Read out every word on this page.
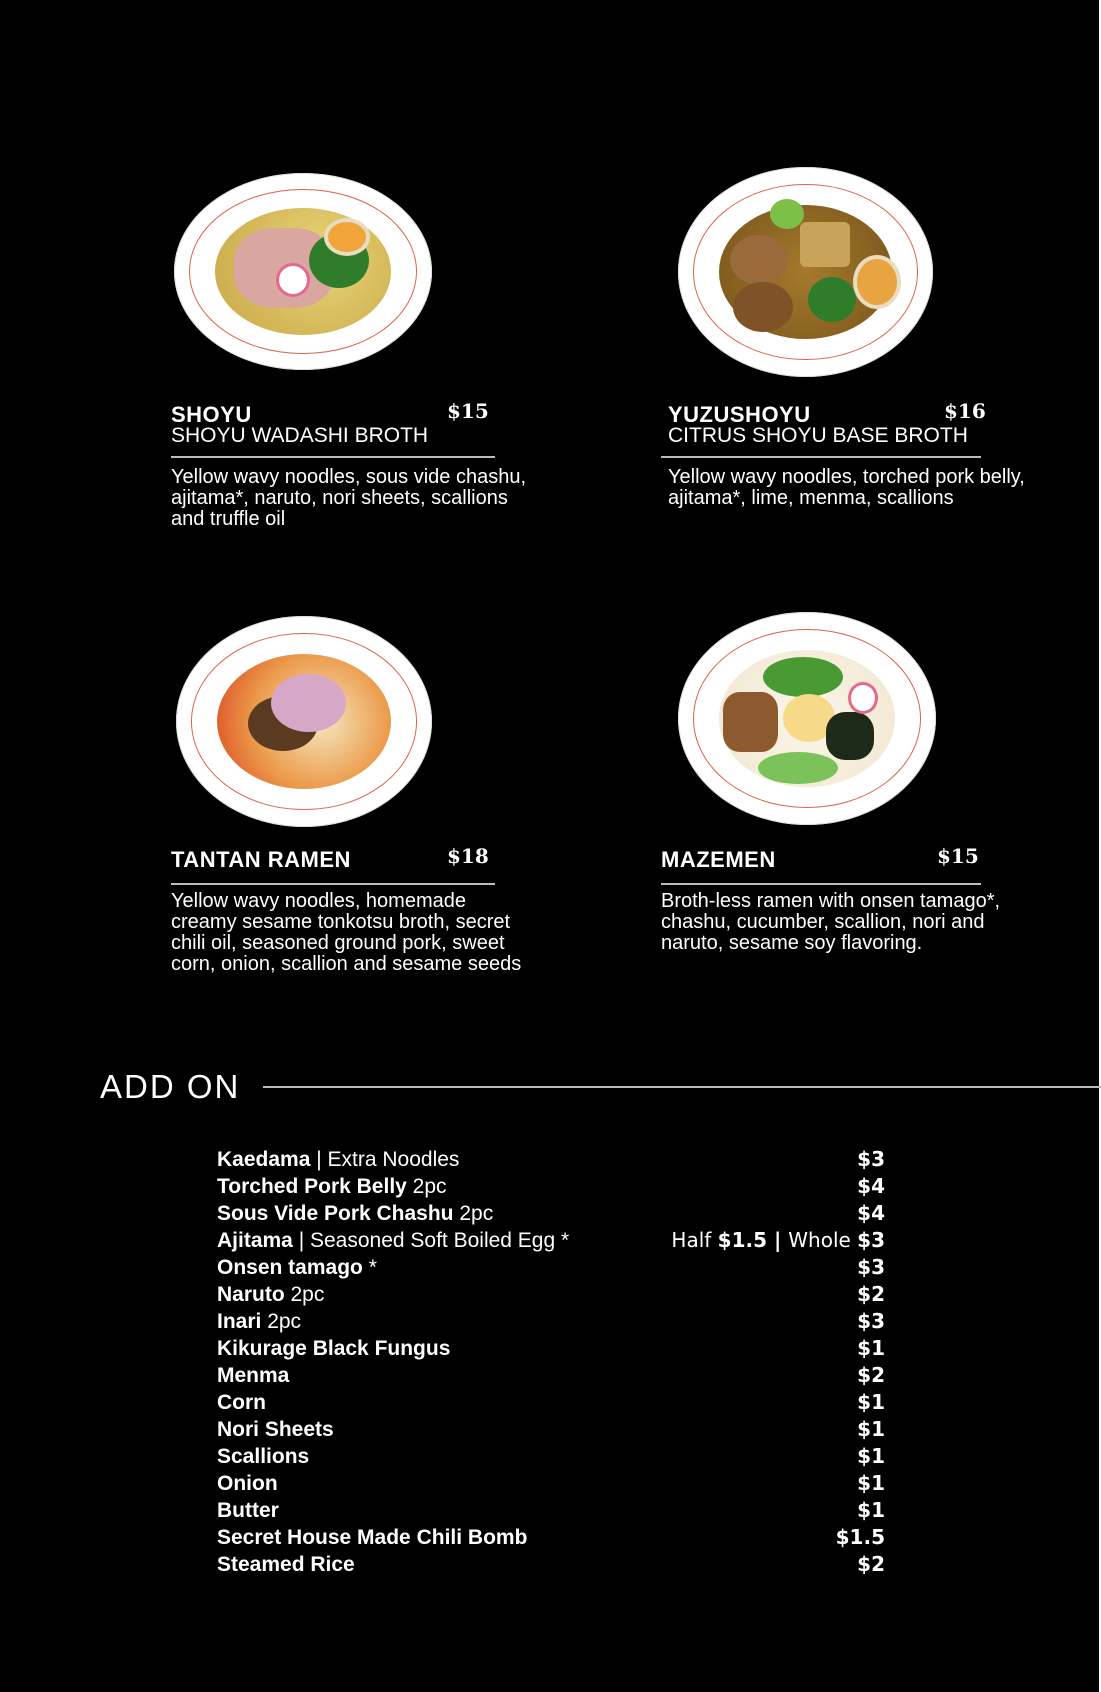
SHOYU	$15
SHOYU WADASHI BROTH
Yellow wavy noodles, sous vide chashu, ajitama*, naruto, nori sheets, scallions and truffle oil
YUZUSHOYU	$16
CITRUS SHOYU BASE BROTH
Yellow wavy noodles, torched pork belly, ajitama*, lime, menma, scallions
TANTAN RAMEN	$18
Yellow wavy noodles, homemade creamy sesame tonkotsu broth, secret chili oil, seasoned ground pork, sweet corn, onion, scallion and sesame seeds
MAZEMEN	$15
Broth-less ramen with onsen tamago*, chashu, cucumber, scallion, nori and naruto, sesame soy flavoring.
ADD ON
Kaedama | Extra Noodles	$3
Torched Pork Belly 2pc	$4
Sous Vide Pork Chashu 2pc	$4
Ajitama | Seasoned Soft Boiled Egg *	Half $1.5 | Whole $3
Onsen tamago *	$3
Naruto 2pc	$2
Inari 2pc	$3
Kikurage Black Fungus	$1
Menma	$2
Corn	$1
Nori Sheets	$1
Scallions	$1
Onion	$1
Butter	$1
Secret House Made Chili Bomb	$1.5
Steamed Rice	$2
